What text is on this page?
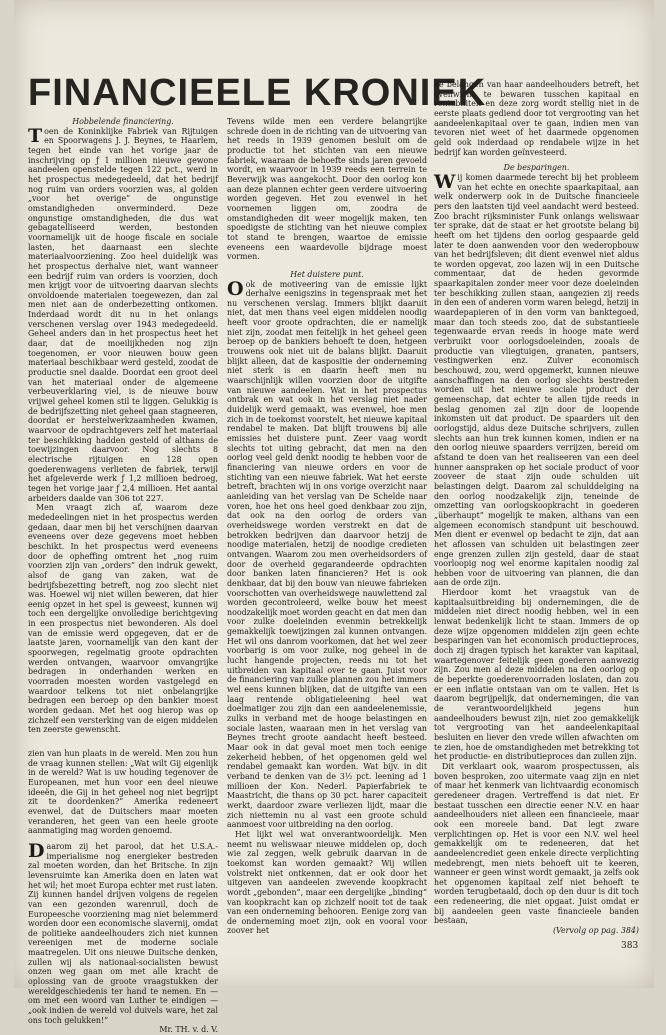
FINANCIEELE KRONIEK

Hobbelende financiering.

Toen de Koninklijke Fabriek van Rijtuigen en Spoorwagens J. J. Beynes, te Haarlem, tegen het einde van het vorige jaar de inschrijving op ƒ 1 millioen nieuwe gewone aandeelen openstelde tegen 122 pct., werd in het prospectus medegedeeld, dat het bedrijf nog ruim van orders voorzien was, al golden „voor het overige” de ongunstige omstandigheden onverminderd. Deze ongunstige omstandigheden, die dus wat gebagatelliseerd werden, bestonden voornamelijk uit de hooge fiscale en sociale lasten, het daarnaast een slechte materiaalvoorziening. Zoo heel duidelijk was het prospectus derhalve niet, want wanneer een bedrijf ruim van orders is voorzien, doch men krijgt voor de uitvoering daarvan slechts onvoldoende materialen toegewezen, dan zal men niet aan de onderbezetting ontkomen. Inderdaad wordt dit nu in het onlangs verschenen verslag over 1943 medegedeeld. Geheel anders dan in het prospectus heet het daar, dat de moeilijkheden nog zijn toegenomen, er voor nieuwen bouw geen materiaal beschikbaar werd gesteld, zoodat de productie snel daalde. Doordat een groot deel van het materiaal onder de algemeene verbeuverklaring viel, is de nieuwe bouw vrijwel geheel komen stil te liggen. Gelukkig is de bedrijfszetting niet geheel gaan stagneeren, doordat er herstelwerkzaamheden kwamen, waarvoor de opdrachtgevers zelf het materiaal ter beschikking hadden gesteld of althans de toewijzingen daarvoor. Nog slechts 8 electrische rijtuigen en 128 open goederenwagens verlieten de fabriek, terwijl het afgeleverde werk ƒ 1,2 millioen bedroeg, tegen het vorige jaar ƒ 2,4 millioen. Het aantal arbeiders daalde van 306 tot 227.

Men vraagt zich af, waarom deze mededeelingen niet in het prospectus werden gedaan, daar men bij het verschijnen daarvan eveneens over deze gegevens moet hebben beschikt. In het prospectus werd eveneens door de opheffing omtrent het „nog ruim voorzien zijn van „orders” den indruk gewekt, alsof de gang van zaken, wat de bedrijfsbezetting betreft, nog zoo slecht niet was. Hoewel wij niet willen beweren, dat hier eenig opzet in het spel is geweest, kunnen wij toch een dergelijke onvolledige berichtgeving in een prospectus niet bewonderen. Als doel van de emissie werd opgegeven, dat er de laatste jaren, voornamelijk van den kant der spoorwegen, regelmatig groote opdrachten werden ontvangen, waarvoor omvangrijke bedragen in onderhanden werken en voorraden moesten worden vastgelegd en waardoor telkens tot niet onbelangrijke bedragen een beroep op den bankier moest worden gedaan. Met het oog hierop was op zichzelf een versterking van de eigen middelen ten zeerste gewenscht.

zien van hun plaats in de wereld. Men zou hun de vraag kunnen stellen: „Wat wilt Gij eigenlijk in de wereld? Wat is uw houding tegenover de Europeanen, met hun voor een deel nieuwe ideeën, die Gij in het geheel nog niet begrijpt zit te doordenken?” Amerika redeneert evenwel, dat de Duitschers maar moeten veranderen, het geen van een heele groote aanmatiging mag worden genoemd.

Daarom zij het parool, dat het U.S.A.-imperialisme nog energieker bestreden zal moeten worden, dan het Britsche. In zijn levensruimte kan Amerika doen en laten wat het wil; het moet Europa echter met rust laten. Zij kunnen handel drijven volgens de regelen van een gezonden warenruil, doch de Europeesche voorziening mag niet belemmerd worden door een economische slavernij, omdat de politieke aandeelhouders zich niet kunnen vereenigen met de moderne sociale maatregelen. Uit ons nieuwe Duitsche denken, zullen wij als nationaal-socialisten bewust onzen weg gaan om met alle kracht de oplossing van de groote vraagstukken der wereldgeschiedenis ter hand te nemen. En — om met een woord van Luther te eindigen — „ook indien de wereld vol duivels ware, het zal ons toch gelukken!”

Mr. TH. v. d. V.

Tevens wilde men een verdere belangrijke schrede doen in de richting van de uitvoering van het reeds in 1939 genomen besluit om de productie tot het stichten van een nieuwe fabriek, waaraan de behoefte sinds jaren gevoeld wordt, en waarvoor in 1939 reeds een terrein te Beverwijk was aangekocht. Door den oorlog kon aan deze plannen echter geen verdere uitvoering worden gegeven. Het zou evenwel in het voornemen liggen om, zoodra de omstandigheden dit weer mogelijk maken, ten spoedigste de stichting van het nieuwe complex tot stand te brengen, waartoe de emissie eveneens een waardevolle bijdrage moest vormen.

Het duistere punt.

Ook de motiveering van de emissie lijkt derhalve eenigszins in tegenspraak met het nu verschenen verslag. Immers blijkt daaruit niet, dat men thans veel eigen middelen noodig heeft voor groote opdrachten, die er namelijk niet zijn, zoodat men feitelijk in het geheel geen beroep op de bankiers behoeft te doen, hetgeen trouwens ook niet uit de balans blijkt. Daaruit blijkt alleen, dat de kaspositie der onderneming niet sterk is en daarin heeft men nu waarschijnlijk willen voorzien door de uitgifte van nieuwe aandeelen. Wat in het prospectus ontbrak en wat ook in het verslag niet nader duidelijk werd gemaakt, was evenwel, hoe men zich in de toekomst voorstelt, het nieuwe kapitaal rendabel te maken. Dat blijft trouwens bij alle emissies het duistere punt. Zeer vaag wordt slechts tot uiting gebracht, dat men na den oorlog veel geld denkt noodig te hebben voor de financiering van nieuwe orders en voor de stichting van een nieuwe fabriek. Wat het eerste betreft, brachten wij in ons vorige overzicht naar aanleiding van het verslag van De Schelde naar voren, hoe het ons heel goed denkbaar zou zijn, dat ook na den oorlog de orders van overheidswege worden verstrekt en dat de betrokken bedrijven dan daarvoor hetzij de noodige materialen, hetzij de noodige credieten ontvangen. Waarom zou men overheidsorders of door de overheid gegarandeerde opdrachten door banken laten financieren? Het is ook denkbaar, dat bij den bouw van nieuwe fabrieken voorschotten van overheidswege nauwlettend zal worden gecontroleerd, welke bouw het meest noodzakelijk moet worden geacht en dat men dan voor zulke doeleinden evenmin betrekkelijk gemakkelijk toewijzingen zal kunnen ontvangen. Het wil ons danrom voorkomen, dat het wel zeer voorbarig is om voor zulke, nog geheel in de lucht hangende projecten, reeds nu tot het uitbreiden van kapitaal over te gaan. Juist voor de financiering van zulke plannen zou het immers wel eens kunnen blijken, dat de uitgifte van een laag rentende obligatieleening heel wat doelmatiger zou zijn dan een aandeelenemissie, zulks in verband met de hooge belastingen en sociale lasten, waaraan men in het verslag van Beynes trecht groote aandacht heeft besteed. Maar ook in dat geval moet men toch eenige zekerheid hebben, of het opgenomen geld wel rendabel gemaakt kan worden. Wat bijv. in dit verband te denken van de 3½ pct. leening ad 1 millioen der Kon. Nederl. Papierfabriek te Maastricht, die thans op 30 pct. harer capaciteit werkt, daardoor zware verliezen lijdt, maar die zich niettemin nu al vast een groote schuld aanmoest voor uitbreiding na den oorlog.

Het lijkt wel wat onverantwoordelijk. Men neemt nu weliswaar nieuwe middelen op, doch wie zal zeggen, welk gebruik daarvan in de toekomst kan worden gemaakt? Wij willen volstrekt niet ontkennen, dat er ook door het uitgeven van aandeelen zwevende koopkracht wordt „gebonden”, maar een dergelijke „binding” van koopkracht kan op zichzelf nooit tot de taak van een onderneming behooren. Eenige zorg van de onderneming moet zijn, ook en vooral voor zoover het

de belangen van haar aandeelhouders betreft, het evenwicht te bewaren tusschen kapitaal en rentabiliteit en deze zorg wordt stellig niet in de eerste plaats gediend door tot vergrooting van het aandeelenkapitaal over te gaan, indien men van tevoren niet weet of het daarmede opgenomen geld ook inderdaad op rendabele wijze in het bedrijf kan worden geïnvesteerd.

De besparingen.

Wij komen daarmede terecht bij het probleem van het echte en onechte spaarkapitaal, aan welk onderwerp ook in de Duitsche financieele pers den laatsten tijd veel aandacht werd besteed. Zoo bracht rijksminister Funk onlangs weliswaar ter sprake, dat de staat er het grootste belang bij heeft om het tijdens den oorlog gespaarde geld later te doen aanwenden voor den wederopbouw van het bedrijfsleven; dit dient evenwel niet aldus te worden opgevat, zoo lazen wij in een Duitsche commentaar, dat de heden gevormde spaarkapitalen zonder meer voor deze doeleinden ter beschikking zullen staan, aangezien zij reeds in den een of anderen vorm waren belegd, hetzij in waardepapieren of in den vorm van banktegoed, maar dan toch steeds zoo, dat de substantieele tegenwaarde ervan reeds in hooge mate werd verbruikt voor oorlogsdoeleinden, zooals de productie van vliegtuigen, granaten, pantsers, vestingwerken enz. Zuiver economisch beschouwd, zou, werd opgemerkt, kunnen nieuwe aanschaffingen na den oorlog slechts bestreden worden uit het nieuwe sociale product der gemeenschap, dat echter te allen tijde reeds in beslag genomen zal zijn door de loopende inkomsten uit dat product. De spaarders uit den oorlogstijd, aldus deze Duitsche schrijvers, zullen slechts aan hun trek kunnen komen, indien er na den oorlog nieuwe spaarders verrijzen, bereid om afstand te doen van het realiseeren van een deel hunner aanspraken op het sociale product of voor zooveer de staat zijn oude schulden uit belastingen delgt. Daarom zal schulddelging na den oorlog noodzakelijk zijn, teneinde de omzetting van oorlogskoopkracht in goederen „überhaupt” mogelijk te maken, althans van een algemeen economisch standpunt uit beschouwd. Men dient er evenwel op bedacht te zijn, dat aan het aflossen van schulden uit belastingen zeer enge grenzen zullen zijn gesteld, daar de staat voorloopig nog wel enorme kapitalen noodig zal hebben voor de uitvoering van plannen, die dan aan de orde zijn.

Hierdoor komt het vraagstuk van de kapitaalsuitbreiding bij ondernemingen, die de middelen niet direct noodig hebben, wel in een lenwat bedenkelijk licht te staan. Immers de op deze wijze opgenomen middelen zijn geen echte besparingen van het economisch productieproces, doch zij dragen typisch het karakter van kapitaal, waartegenover feitelijk geen goederen aanwezig zijn. Zou men al deze middelen na den oorlog op de beperkte goederenvoorraden loslaten, dan zou er een inflatie ontstaan van om te vallen. Het is daarom begrijpelijk, dat ondernemingen, die van de verantwoordelijkheid jegens hun aandeelhouders bewust zijn, niet zoo gemakkelijk tot vergrooting van het aandeelenkapitaal besluiten en liever den vrede willen afwachten om te zien, hoe de omstandigheden met betrekking tot het productie- en distributieproces dan zullen zijn.

Dit verklaart ook, waarom prospectussen, als boven besproken, zoo uitermate vaag zijn en niet of maar het kenmerk van lichtvaardig economisch geredeneer dragen. Vertreffend is dat niet. Er bestaat tusschen een directie eener N.V. en haar aandeelhouders niet alleen een financieele, maar ook een moreele band. Dat legt zware verplichtingen op. Het is voor een N.V. wel heel gemakkelijk om te redeneeren, dat het aandeelencrediet geen enkele directe verplichting medebrengt, men niets behoeft uit te keeren, wanneer er geen winst wordt gemaakt, ja zelfs ook het opgenomen kapitaal zelf niet behoeft te worden terugbetaald, doch op den duur is dit toch een redeneering, die niet opgaat. Juist omdat er bij aandeelen geen vaste financieele banden bestaan,

(Vervolg op pag. 384)

383
